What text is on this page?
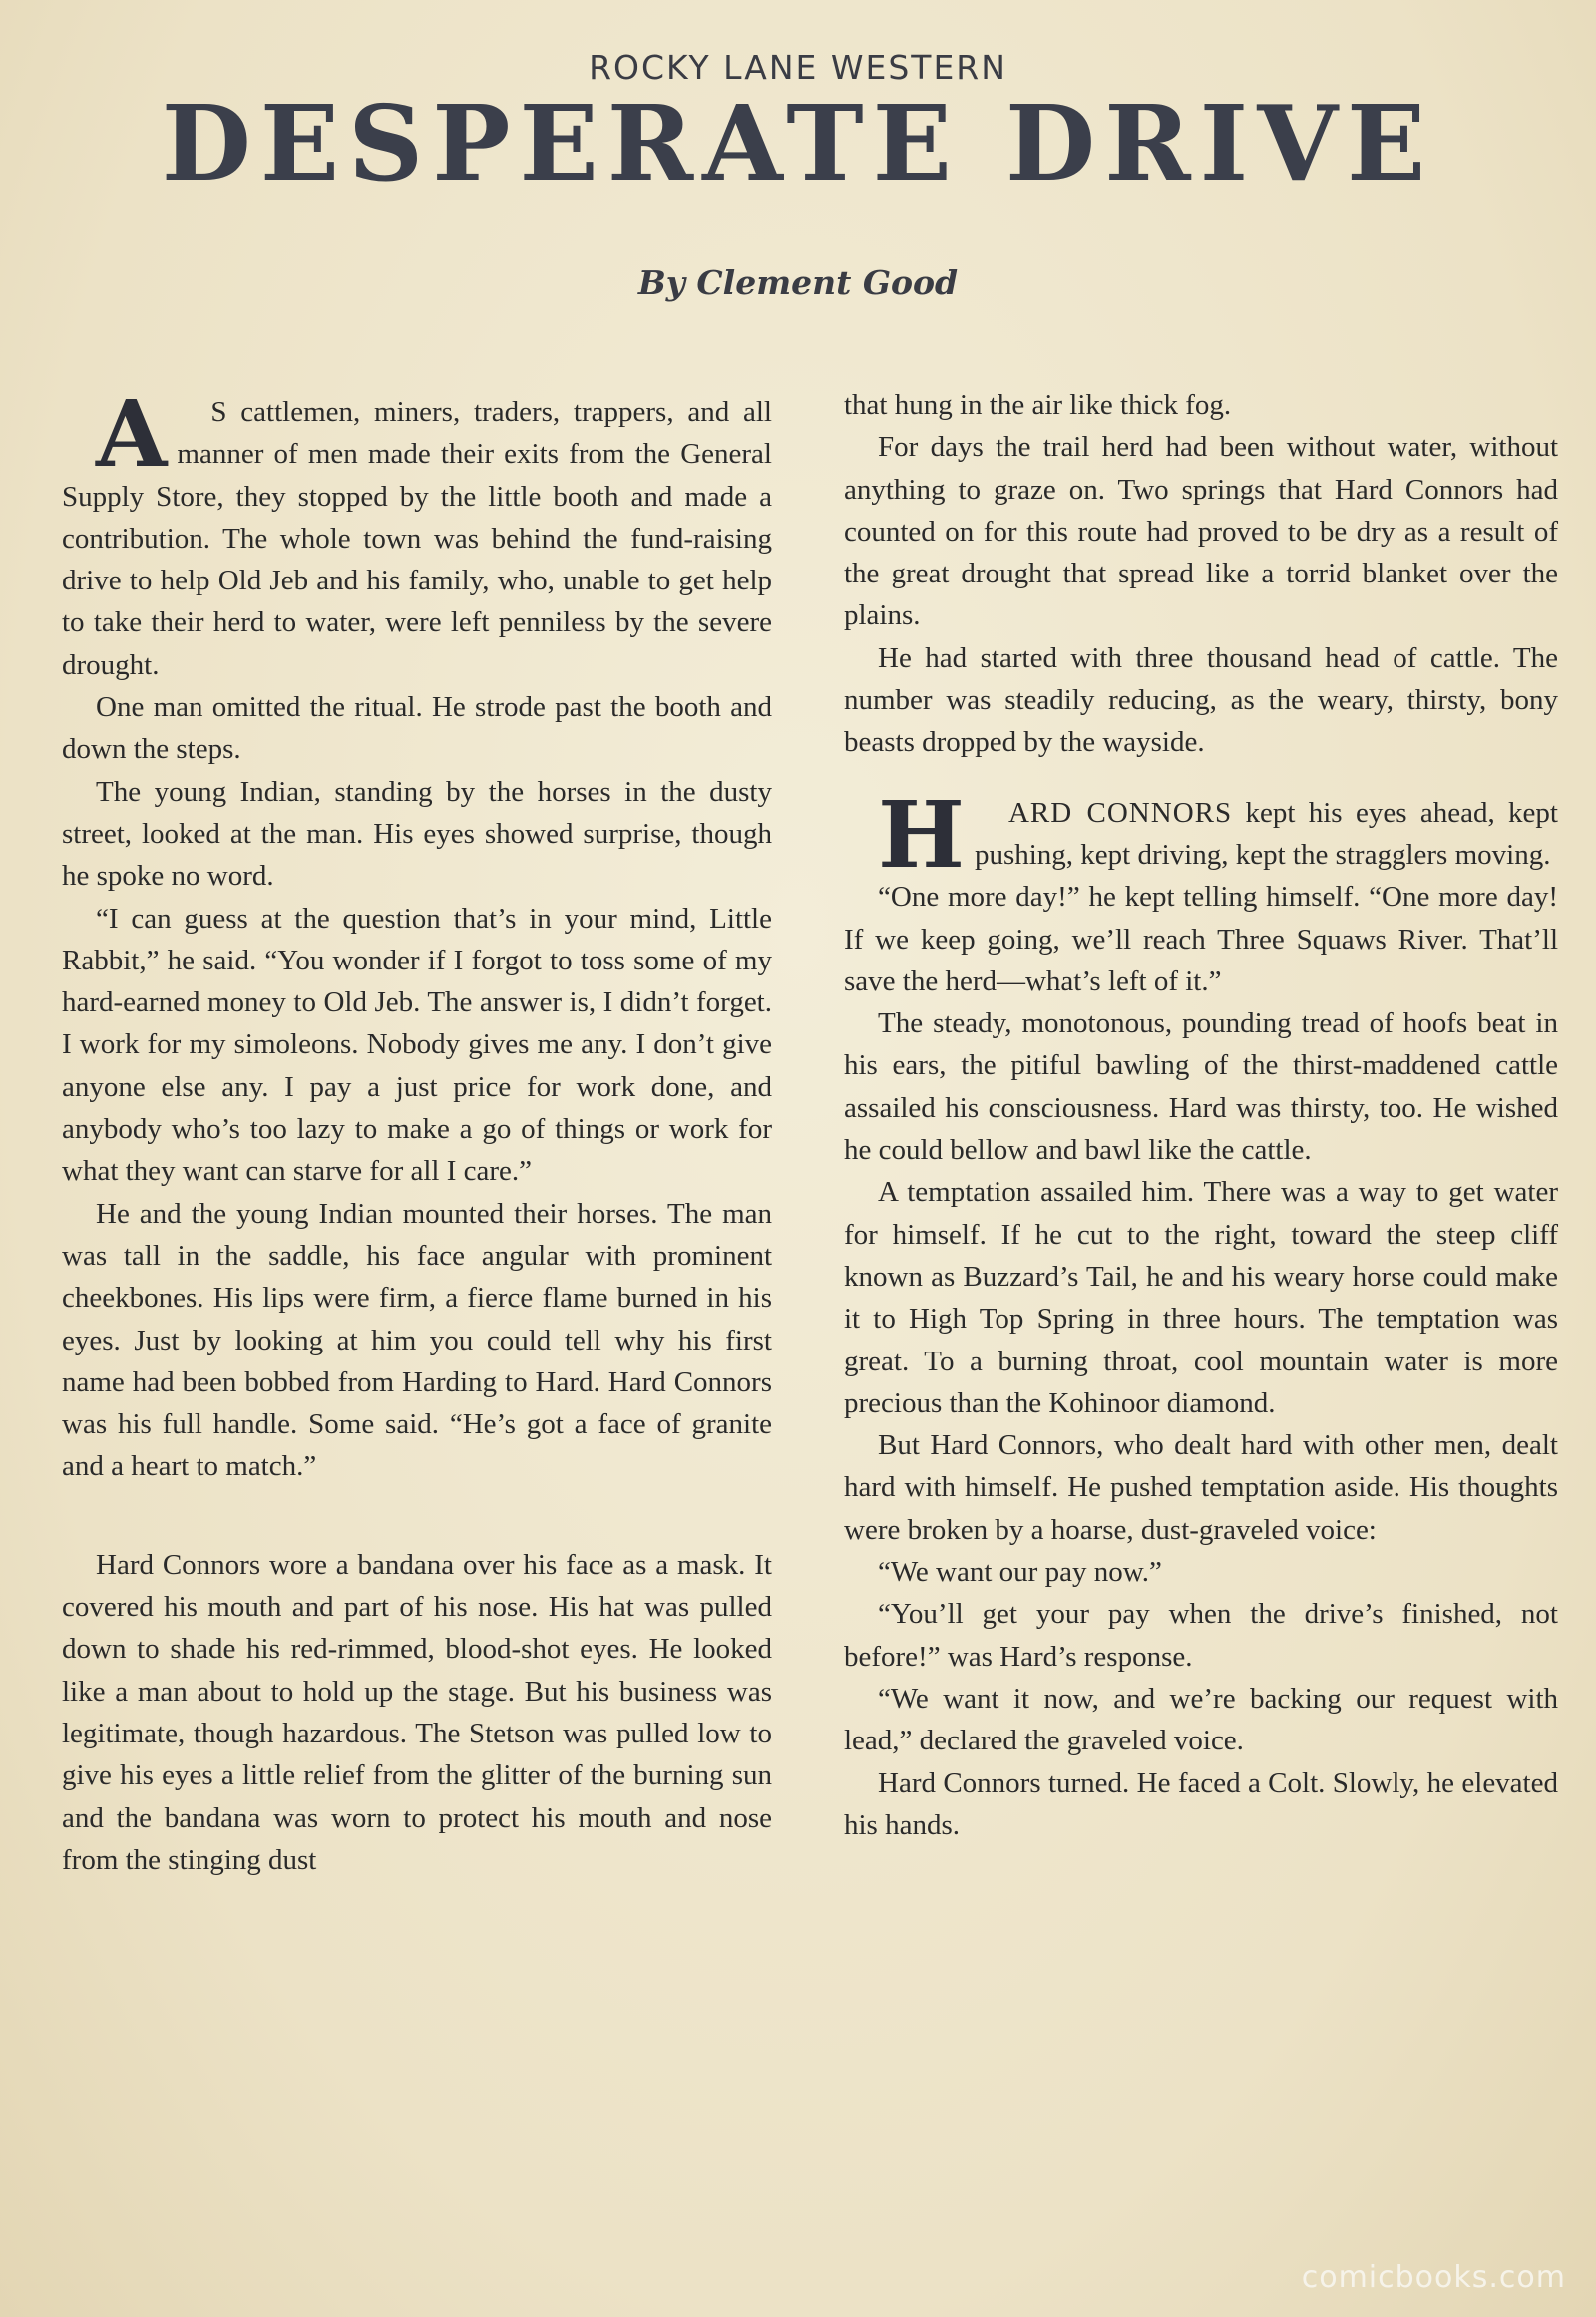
ROCKY LANE WESTERN
DESPERATE DRIVE
By Clement Good

A S cattlemen, miners, traders, trappers, and all manner of men made their exits from the General Supply Store, they stopped by the little booth and made a contribution. The whole town was behind the fund-raising drive to help Old Jeb and his family, who, unable to get help to take their herd to water, were left penniless by the severe drought.

One man omitted the ritual. He strode past the booth and down the steps.

The young Indian, standing by the horses in the dusty street, looked at the man. His eyes showed surprise, though he spoke no word.

“I can guess at the question that’s in your mind, Little Rabbit,” he said. “You wonder if I forgot to toss some of my hard-earned money to Old Jeb. The answer is, I didn’t forget. I work for my simoleons. Nobody gives me any. I don’t give anyone else any. I pay a just price for work done, and anybody who’s too lazy to make a go of things or work for what they want can starve for all I care.”

He and the young Indian mounted their horses. The man was tall in the saddle, his face angular with prominent cheekbones. His lips were firm, a fierce flame burned in his eyes. Just by looking at him you could tell why his first name had been bobbed from Harding to Hard. Hard Connors was his full handle. Some said. “He’s got a face of granite and a heart to match.”

Hard Connors wore a bandana over his face as a mask. It covered his mouth and part of his nose. His hat was pulled down to shade his red-rimmed, blood-shot eyes. He looked like a man about to hold up the stage. But his business was legitimate, though hazardous. The Stetson was pulled low to give his eyes a little relief from the glitter of the burning sun and the bandana was worn to protect his mouth and nose from the stinging dust

that hung in the air like thick fog.

For days the trail herd had been without water, without anything to graze on. Two springs that Hard Connors had counted on for this route had proved to be dry as a result of the great drought that spread like a torrid blanket over the plains.

He had started with three thousand head of cattle. The number was steadily reducing, as the weary, thirsty, bony beasts dropped by the wayside.

H ARD CONNORS kept his eyes ahead, kept pushing, kept driving, kept the stragglers moving.

“One more day!” he kept telling himself. “One more day! If we keep going, we’ll reach Three Squaws River. That’ll save the herd—what’s left of it.”

The steady, monotonous, pounding tread of hoofs beat in his ears, the pitiful bawling of the thirst-maddened cattle assailed his consciousness. Hard was thirsty, too. He wished he could bellow and bawl like the cattle.

A temptation assailed him. There was a way to get water for himself. If he cut to the right, toward the steep cliff known as Buzzard’s Tail, he and his weary horse could make it to High Top Spring in three hours. The temptation was great. To a burning throat, cool mountain water is more precious than the Kohinoor diamond.

But Hard Connors, who dealt hard with other men, dealt hard with himself. He pushed temptation aside. His thoughts were broken by a hoarse, dust-graveled voice:

“We want our pay now.”

“You’ll get your pay when the drive’s finished, not before!” was Hard’s response.

“We want it now, and we’re backing our request with lead,” declared the graveled voice.

Hard Connors turned. He faced a Colt. Slowly, he elevated his hands.

comicbooks.com
